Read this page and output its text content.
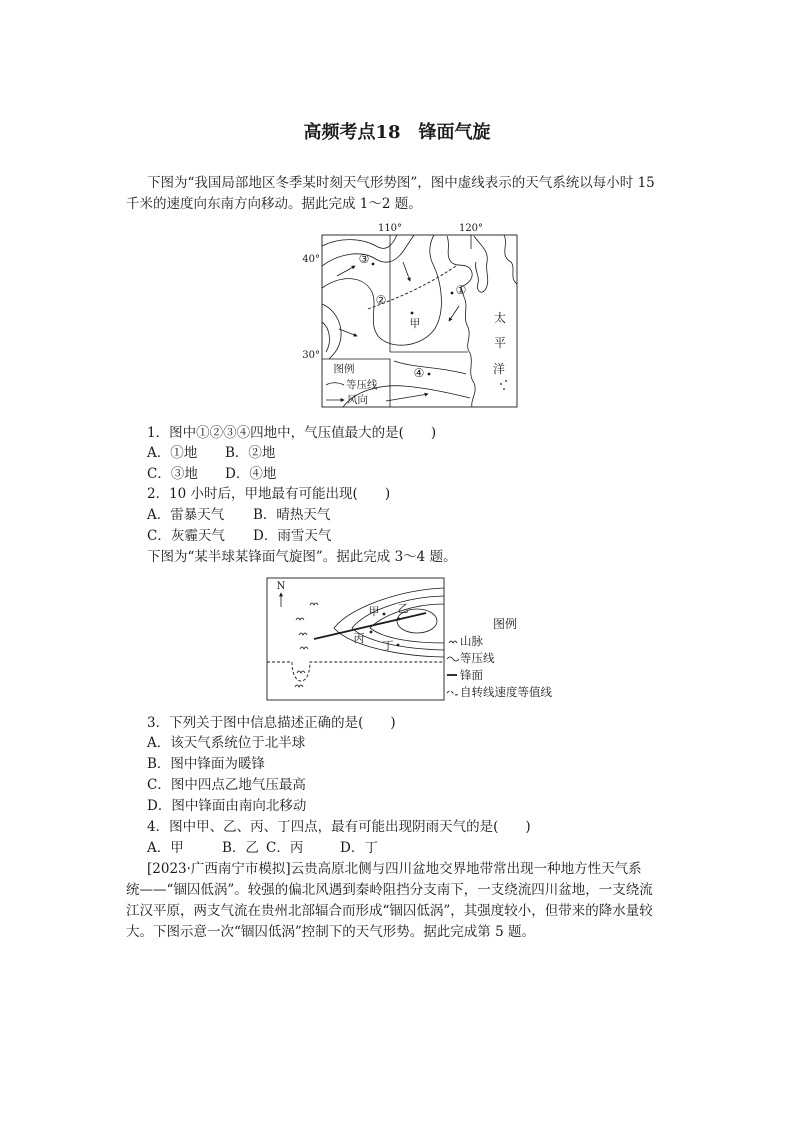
高频考点18　锋面气旋
下图为“我国局部地区冬季某时刻天气形势图”，图中虚线表示的天气系统以每小时 15
千米的速度向东南方向移动。据此完成 1～2 题。
110°	120°
40°
30°
③
②
①
甲
④
太
平
洋
图例
等压线
风向
1．图中①②③④四地中，气压值最大的是(　　)
A．①地 B．②地
C．③地 D．④地
2．10 小时后，甲地最有可能出现(　　)
A．雷暴天气 B．晴热天气
C．灰霾天气 D．雨雪天气
下图为“某半球某锋面气旋图”。据此完成 3～4 题。
N
甲 乙
丙
丁
图例
山脉
等压线
锋面
自转线速度等值线
3．下列关于图中信息描述正确的是(　　)
A．该天气系统位于北半球
B．图中锋面为暖锋
C．图中四点乙地气压最高
D．图中锋面由南向北移动
4．图中甲、乙、丙、丁四点，最有可能出现阴雨天气的是(　　)
A．甲	B．乙 C．丙	D．丁
[2023·广西南宁市模拟]云贵高原北侧与四川盆地交界地带常出现一种地方性天气系
统——“锢囚低涡”。较强的偏北风遇到秦岭阻挡分支南下，一支绕流四川盆地，一支绕流
江汉平原，两支气流在贵州北部辐合而形成“锢囚低涡”，其强度较小，但带来的降水量较
大。下图示意一次“锢囚低涡”控制下的天气形势。据此完成第 5 题。
